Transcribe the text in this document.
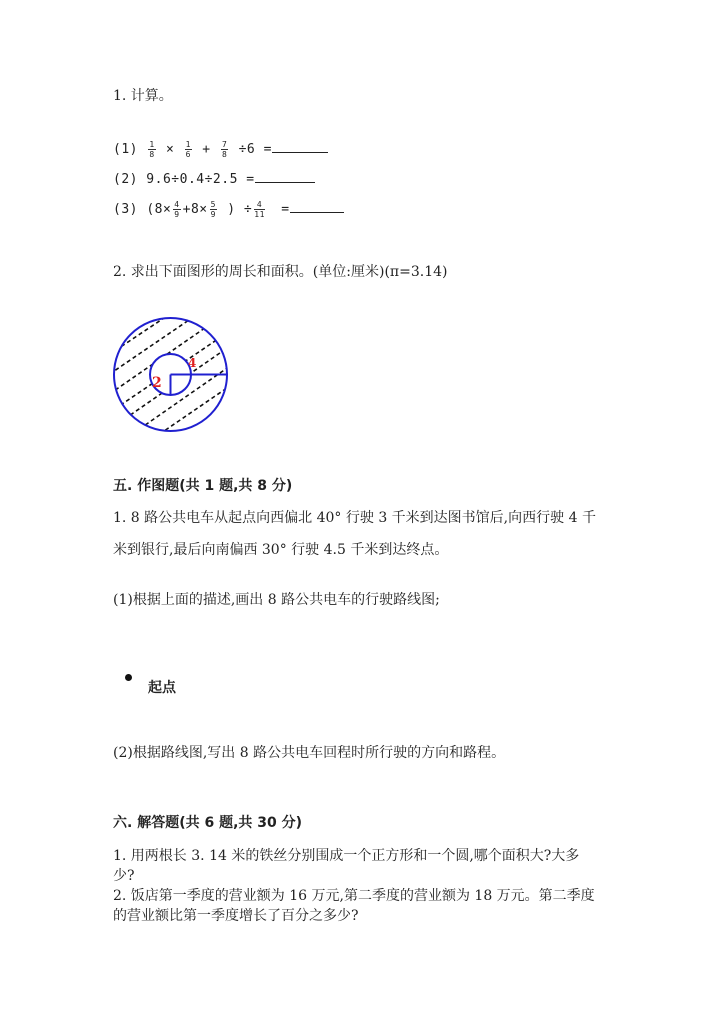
1. 计算。
$(1) \frac{1}{8} \times \frac{1}{6} + \frac{7}{8} \div 6$ =
(2) 9.6÷0.4÷2.5 =
(3) ($8\times \frac{4}{9} +8\times \frac{5}{9}$ ) ÷ $\frac{4}{11}$ =
2. 求出下面图形的周长和面积。(单位:厘米)(π=3.14)
2
4
五. 作图题(共 1 题,共 8 分)
1. 8 路公共电车从起点向西偏北 40° 行驶 3 千米到达图书馆后,向西行驶 4 千
米到银行,最后向南偏西 30° 行驶 4.5 千米到达终点。
(1)根据上面的描述,画出 8 路公共电车的行驶路线图;
起点
(2)根据路线图,写出 8 路公共电车回程时所行驶的方向和路程。
六. 解答题(共 6 题,共 30 分)
1. 用两根长 3. 14 米的铁丝分别围成一个正方形和一个圆,哪个面积大?大多
少?
2. 饭店第一季度的营业额为 16 万元,第二季度的营业额为 18 万元。第二季度
的营业额比第一季度增长了百分之多少?
